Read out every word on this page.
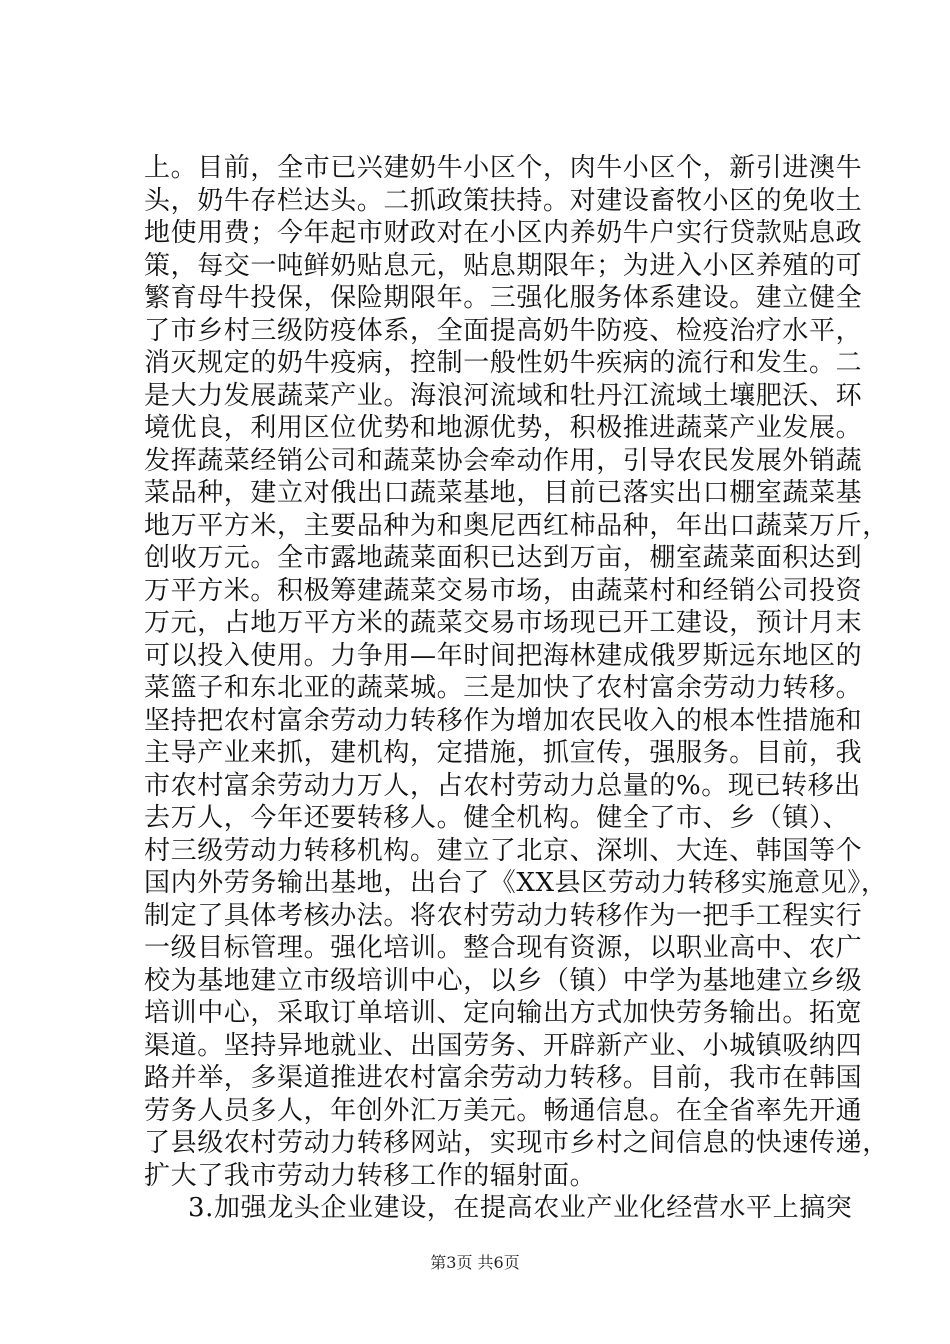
上。目前，全市已兴建奶牛小区个，肉牛小区个，新引进澳牛
头，奶牛存栏达头。二抓政策扶持。对建设畜牧小区的免收土
地使用费；今年起市财政对在小区内养奶牛户实行贷款贴息政
策，每交一吨鲜奶贴息元，贴息期限年；为进入小区养殖的可
繁育母牛投保，保险期限年。三强化服务体系建设。建立健全
了市乡村三级防疫体系，全面提高奶牛防疫、检疫治疗水平，
消灭规定的奶牛疫病，控制一般性奶牛疾病的流行和发生。二
是大力发展蔬菜产业。海浪河流域和牡丹江流域土壤肥沃、环
境优良，利用区位优势和地源优势，积极推进蔬菜产业发展。
发挥蔬菜经销公司和蔬菜协会牵动作用，引导农民发展外销蔬
菜品种，建立对俄出口蔬菜基地，目前已落实出口棚室蔬菜基
地万平方米，主要品种为和奥尼西红柿品种，年出口蔬菜万斤，
创收万元。全市露地蔬菜面积已达到万亩，棚室蔬菜面积达到
万平方米。积极筹建蔬菜交易市场，由蔬菜村和经销公司投资
万元，占地万平方米的蔬菜交易市场现已开工建设，预计月末
可以投入使用。力争用—年时间把海林建成俄罗斯远东地区的
菜篮子和东北亚的蔬菜城。三是加快了农村富余劳动力转移。
坚持把农村富余劳动力转移作为增加农民收入的根本性措施和
主导产业来抓，建机构，定措施，抓宣传，强服务。目前，我
市农村富余劳动力万人，占农村劳动力总量的%。现已转移出
去万人，今年还要转移人。健全机构。健全了市、乡（镇）、
村三级劳动力转移机构。建立了北京、深圳、大连、韩国等个
国内外劳务输出基地，出台了《XX县区劳动力转移实施意见》，
制定了具体考核办法。将农村劳动力转移作为一把手工程实行
一级目标管理。强化培训。整合现有资源，以职业高中、农广
校为基地建立市级培训中心，以乡（镇）中学为基地建立乡级
培训中心，采取订单培训、定向输出方式加快劳务输出。拓宽
渠道。坚持异地就业、出国劳务、开辟新产业、小城镇吸纳四
路并举，多渠道推进农村富余劳动力转移。目前，我市在韩国
劳务人员多人，年创外汇万美元。畅通信息。在全省率先开通
了县级农村劳动力转移网站，实现市乡村之间信息的快速传递，
扩大了我市劳动力转移工作的辐射面。
3.加强龙头企业建设，在提高农业产业化经营水平上搞突
第3页 共6页
